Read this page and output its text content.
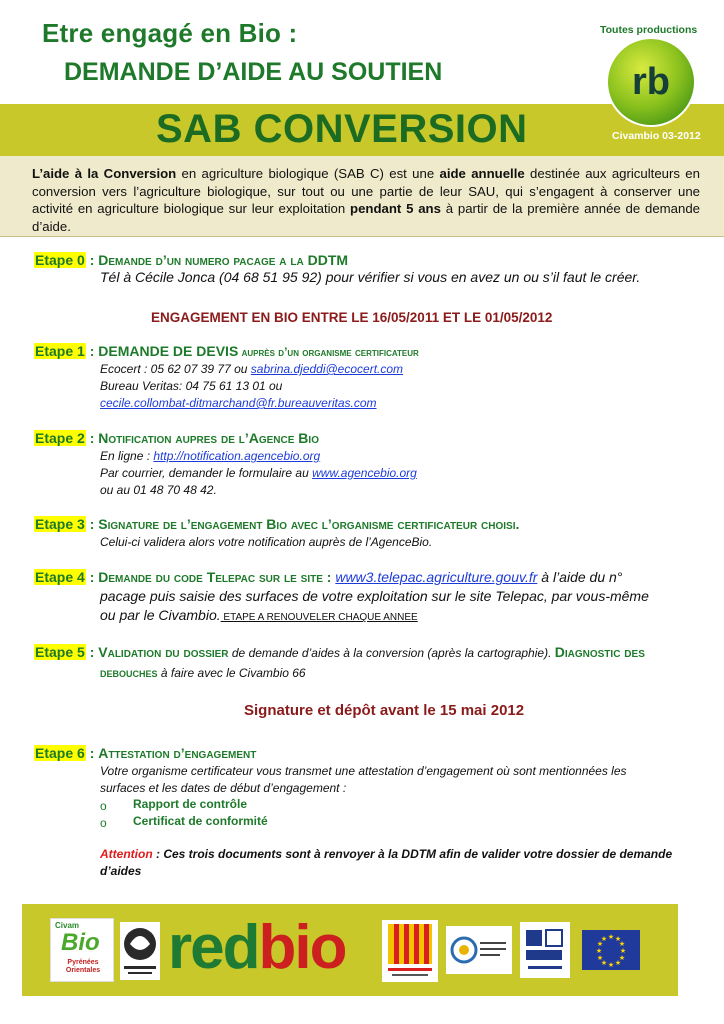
Etre engagé en Bio :
DEMANDE D’AIDE AU SOUTIEN
Toutes productions
SAB CONVERSION	Civambio 03-2012
rb
L’aide à la Conversion en agriculture biologique (SAB C) est une aide annuelle destinée aux agriculteurs en conversion vers l’agriculture biologique, sur tout ou une partie de leur SAU, qui s’engagent à conserver une activité en agriculture biologique sur leur exploitation pendant 5 ans à partir de la première année de demande d’aide.
Etape 0 : Demande d’un numero pacage a la DDTM
Tél à Cécile Jonca (04 68 51 95 92) pour vérifier si vous en avez un ou s’il faut le créer.
ENGAGEMENT EN BIO ENTRE LE 16/05/2011 ET LE 01/05/2012
Etape 1 : DEMANDE DE DEVIS auprès d’un organisme certificateur
Ecocert : 05 62 07 39 77 ou sabrina.djeddi@ecocert.com
Bureau Veritas: 04 75 61 13 01 ou
cecile.collombat-ditmarchand@fr.bureauveritas.com
Etape 2 : Notification aupres de l’Agence Bio
En ligne : http://notification.agencebio.org
Par courrier, demander le formulaire au www.agencebio.org
ou au 01 48 70 48 42.
Etape 3 : Signature de l’engagement Bio avec l’organisme certificateur choisi.
Celui-ci validera alors votre notification auprès de l’AgenceBio.
Etape 4 : Demande du code Telepac sur le site : www3.telepac.agriculture.gouv.fr à l’aide du n°
pacage puis saisie des surfaces de votre exploitation sur le site Telepac, par vous-même
ou par le Civambio. ETAPE A RENOUVELER CHAQUE ANNEE
Etape 5 : Validation du dossier de demande d’aides à la conversion (après la cartographie). Diagnostic des
debouches à faire avec le Civambio 66
Signature et dépôt avant le 15 mai 2012
Etape 6 : Attestation d’engagement
Votre organisme certificateur vous transmet une attestation d’engagement où sont mentionnées les
surfaces et les dates de début d’engagement :
o Rapport de contrôle
o Certificat de conformité
Attention : Ces trois documents sont à renvoyer à la DDTM afin de valider votre dossier de demande
d’aides
Civam
Bio
Pyrénées Orientales redbio	★ ★
★
★
★
★
★
★
★
★
★
★
